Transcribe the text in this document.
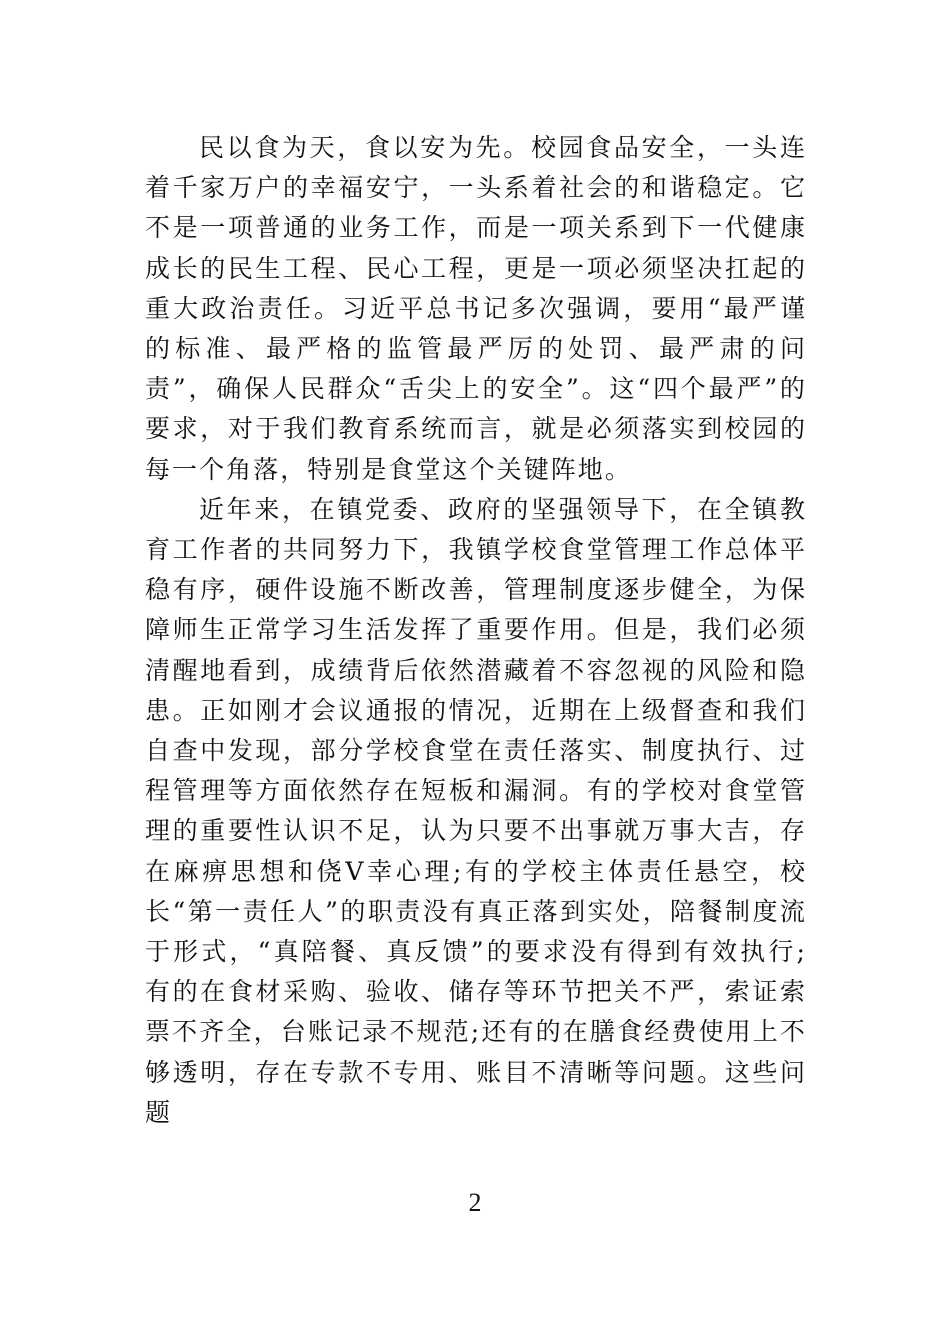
民以食为天，食以安为先。校园食品安全，一头连着千家万户的幸福安宁，一头系着社会的和谐稳定。它不是一项普通的业务工作，而是一项关系到下一代健康成长的民生工程、民心工程，更是一项必须坚决扛起的重大政治责任。习近平总书记多次强调，要用“最严谨的标准、最严格的监管最严厉的处罚、最严肃的问责”，确保人民群众“舌尖上的安全”。这“四个最严”的要求，对于我们教育系统而言，就是必须落实到校园的每一个角落，特别是食堂这个关键阵地。

近年来，在镇党委、政府的坚强领导下，在全镇教育工作者的共同努力下，我镇学校食堂管理工作总体平稳有序，硬件设施不断改善，管理制度逐步健全，为保障师生正常学习生活发挥了重要作用。但是，我们必须清醒地看到，成绩背后依然潜藏着不容忽视的风险和隐患。正如刚才会议通报的情况，近期在上级督查和我们自查中发现，部分学校食堂在责任落实、制度执行、过程管理等方面依然存在短板和漏洞。有的学校对食堂管理的重要性认识不足，认为只要不出事就万事大吉，存在麻痹思想和侥V幸心理;有的学校主体责任悬空，校长“第一责任人”的职责没有真正落到实处，陪餐制度流于形式，“真陪餐、真反馈”的要求没有得到有效执行;有的在食材采购、验收、储存等环节把关不严，索证索票不齐全，台账记录不规范;还有的在膳食经费使用上不够透明，存在专款不专用、账目不清晰等问题。这些问题

2
